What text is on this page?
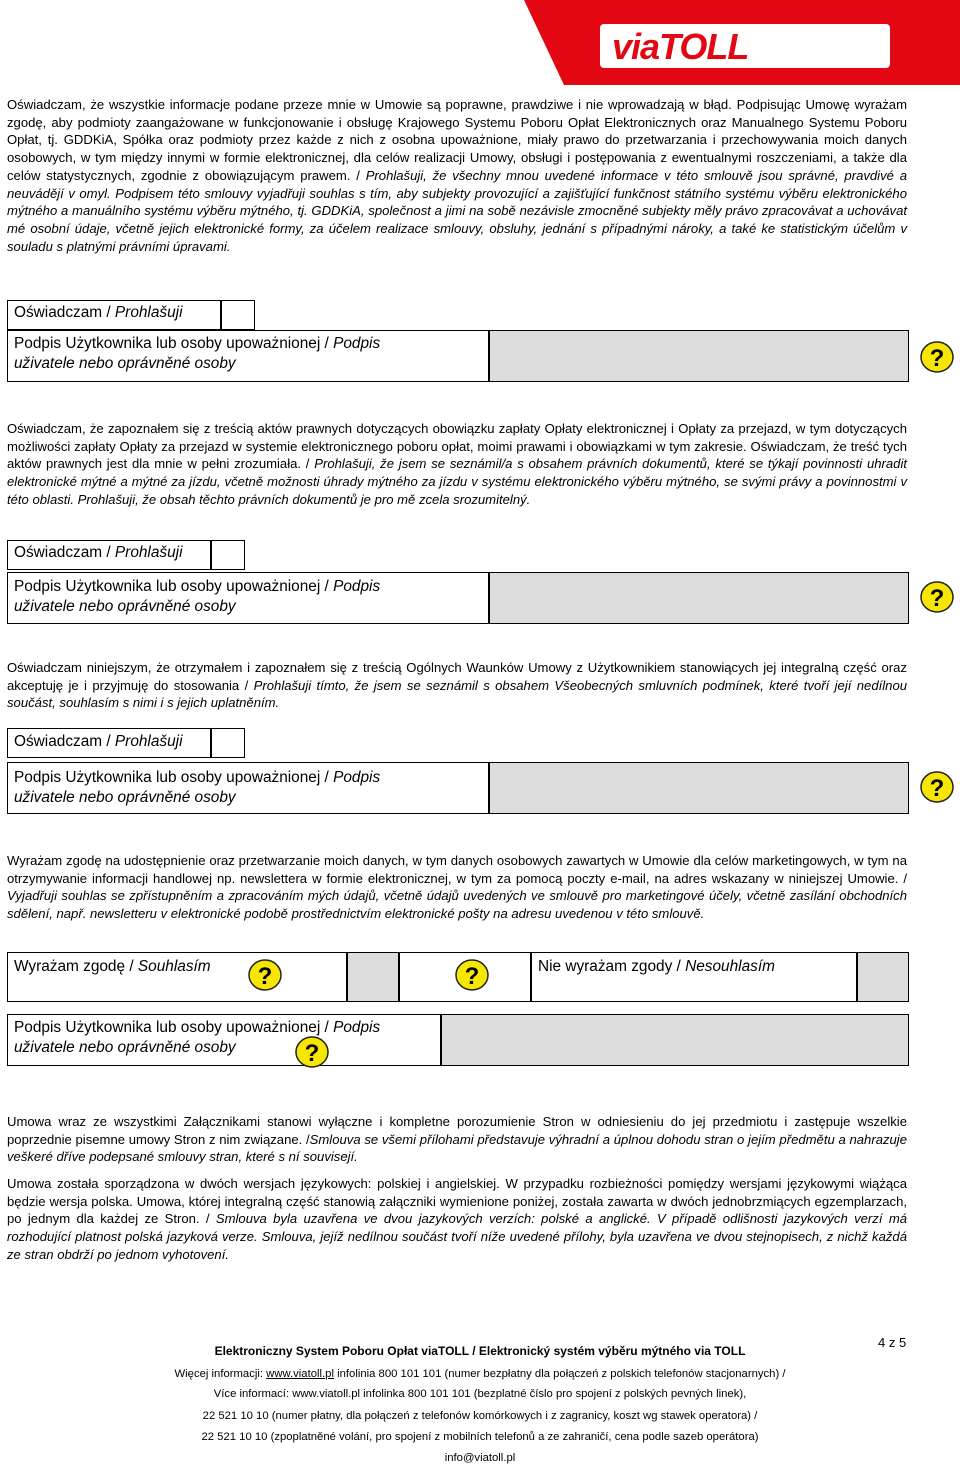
viaTOLL

Oświadczam, że wszystkie informacje podane przeze mnie w Umowie są poprawne, prawdziwe i nie wprowadzają w błąd. Podpisując Umowę wyrażam zgodę, aby podmioty zaangażowane w funkcjonowanie i obsługę Krajowego Systemu Poboru Opłat Elektronicznych oraz Manualnego Systemu Poboru Opłat, tj. GDDKiA, Spółka oraz podmioty przez każde z nich z osobna upoważnione, miały prawo do przetwarzania i przechowywania moich danych osobowych, w tym między innymi w formie elektronicznej, dla celów realizacji Umowy, obsługi i postępowania z ewentualnymi roszczeniami, a także dla celów statystycznych, zgodnie z obowiązującym prawem. / Prohlašuji, že všechny mnou uvedené informace v této smlouvě jsou správné, pravdivé a neuvádějí v omyl. Podpisem této smlouvy vyjadřuji souhlas s tím, aby subjekty provozující a zajišťující funkčnost státního systému výběru elektronického mýtného a manuálního systému výběru mýtného, tj. GDDKiA, společnost a jimi na sobě nezávisle zmocněné subjekty měly právo zpracovávat a uchovávat mé osobní údaje, včetně jejich elektronické formy, za účelem realizace smlouvy, obsluhy, jednání s případnými nároky, a také ke statistickým účelům v souladu s platnými právními úpravami.

Oświadczam / Prohlašuji
Podpis Użytkownika lub osoby upoważnionej / Podpis
uživatele nebo oprávněné osoby

Oświadczam, że zapoznałem się z treścią aktów prawnych dotyczących obowiązku zapłaty Opłaty elektronicznej i Opłaty za przejazd, w tym dotyczących możliwości zapłaty Opłaty za przejazd w systemie elektronicznego poboru opłat, moimi prawami i obowiązkami w tym zakresie. Oświadczam, że treść tych aktów prawnych jest dla mnie w pełni zrozumiała. / Prohlašuji, že jsem se seznámil/a s obsahem právních dokumentů, které se týkají povinnosti uhradit elektronické mýtné a mýtné za jízdu, včetně možnosti úhrady mýtného za jízdu v systému elektronického výběru mýtného, se svými právy a povinnostmi v této oblasti. Prohlašuji, že obsah těchto právních dokumentů je pro mě zcela srozumitelný.

Oświadczam / Prohlašuji
Podpis Użytkownika lub osoby upoważnionej / Podpis
uživatele nebo oprávněné osoby

Oświadczam niniejszym, że otrzymałem i zapoznałem się z treścią Ogólnych Waunków Umowy z Użytkownikiem stanowiących jej integralną część oraz akceptuję je i przyjmuję do stosowania / Prohlašuji tímto, že jsem se seznámil s obsahem Všeobecných smluvních podmínek, které tvoří její nedílnou součást, souhlasím s nimi i s jejich uplatněním.

Oświadczam / Prohlašuji
Podpis Użytkownika lub osoby upoważnionej / Podpis
uživatele nebo oprávněné osoby

Wyrażam zgodę na udostępnienie oraz przetwarzanie moich danych, w tym danych osobowych zawartych w Umowie dla celów marketingowych, w tym na otrzymywanie informacji handlowej np. newslettera w formie elektronicznej, w tym za pomocą poczty e-mail, na adres wskazany w niniejszej Umowie. / Vyjadřuji souhlas se zpřístupněním a zpracováním mých údajů, včetně údajů uvedených ve smlouvě pro marketingové účely, včetně zasílání obchodních sdělení, např. newsletteru v elektronické podobě prostřednictvím elektronické pošty na adresu uvedenou v této smlouvě.

Wyrażam zgodę / Souhlasím	Nie wyrażam zgody / Nesouhlasím
Podpis Użytkownika lub osoby upoważnionej / Podpis
uživatele nebo oprávněné osoby

Umowa wraz ze wszystkimi Załącznikami stanowi wyłączne i kompletne porozumienie Stron w odniesieniu do jej przedmiotu i zastępuje wszelkie poprzednie pisemne umowy Stron z nim związane. /Smlouva se všemi přílohami představuje výhradní a úplnou dohodu stran o jejím předmětu a nahrazuje veškeré dříve podepsané smlouvy stran, které s ní souvisejí.

Umowa została sporządzona w dwóch wersjach językowych: polskiej i angielskiej. W przypadku rozbieżności pomiędzy wersjami językowymi wiążąca będzie wersja polska. Umowa, której integralną część stanowią załączniki wymienione poniżej, została zawarta w dwóch jednobrzmiących egzemplarzach, po jednym dla każdej ze Stron. / Smlouva byla uzavřena ve dvou jazykových verzích: polské a anglické. V případě odlišnosti jazykových verzí má rozhodující platnost polská jazyková verze. Smlouva, jejíž nedílnou součást tvoří níže uvedené přílohy, byla uzavřena ve dvou stejnopisech, z nichž každá ze stran obdrží po jednom vyhotovení.

?
?
?
?	?
?
4 z 5
Elektroniczny System Poboru Opłat viaTOLL / Elektronický systém výběru mýtného via TOLL
Więcej informacji: www.viatoll.pl infolinia 800 101 101 (numer bezpłatny dla połączeń z polskich telefonów stacjonarnych) /
Více informací: www.viatoll.pl infolinka 800 101 101 (bezplatné číslo pro spojení z polských pevných linek),
22 521 10 10 (numer płatny, dla połączeń z telefonów komórkowych i z zagranicy, koszt wg stawek operatora) /
22 521 10 10 (zpoplatněné volání, pro spojení z mobilních telefonů a ze zahraničí, cena podle sazeb operátora)
info@viatoll.pl
